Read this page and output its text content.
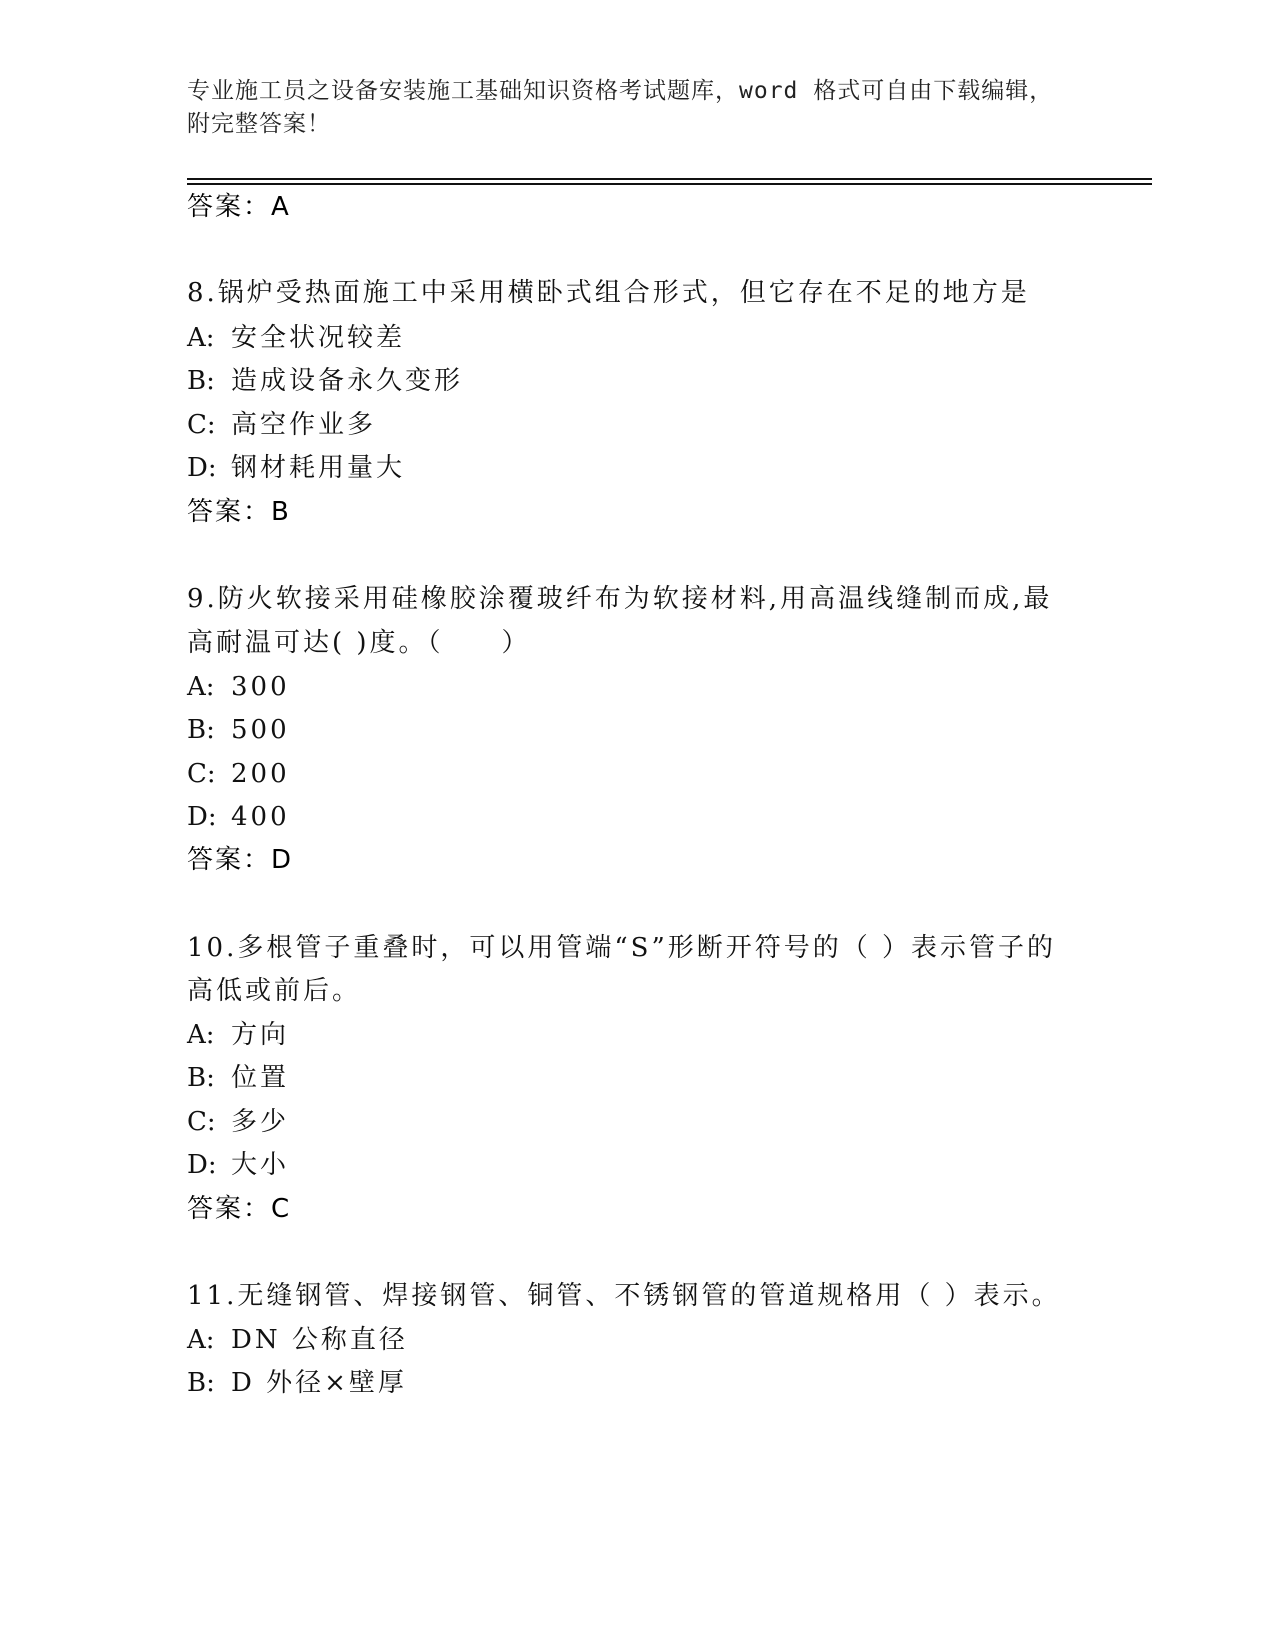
专业施工员之设备安装施工基础知识资格考试题库，word 格式可自由下载编辑，
附完整答案！
答案：A
8.锅炉受热面施工中采用横卧式组合形式，但它存在不足的地方是
A: 安全状况较差
B: 造成设备永久变形
C: 高空作业多
D: 钢材耗用量大
答案：B
9.防火软接采用硅橡胶涂覆玻纤布为软接材料,用高温线缝制而成,最
高耐温可达( )度。（　　）
A: 300
B: 500
C: 200
D: 400
答案：D
10.多根管子重叠时，可以用管端“S”形断开符号的（ ）表示管子的
高低或前后。
A: 方向
B: 位置
C: 多少
D: 大小
答案：C
11.无缝钢管、焊接钢管、铜管、不锈钢管的管道规格用（ ）表示。
A: DN 公称直径
B: D 外径×壁厚
